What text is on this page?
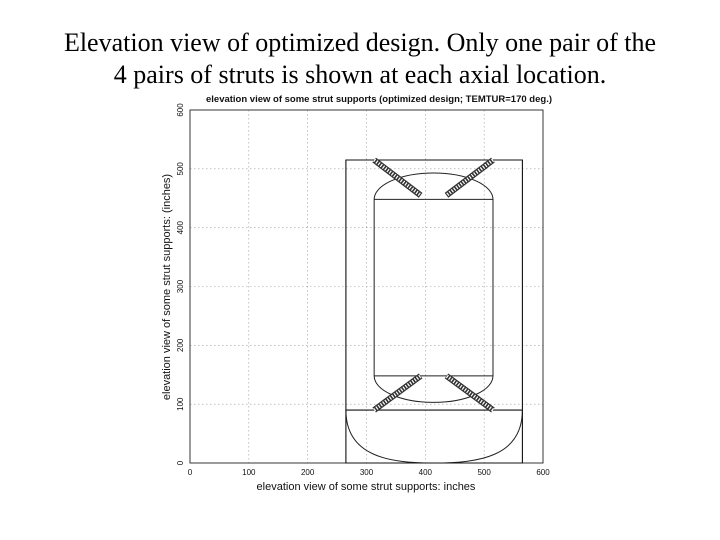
Elevation view of optimized design. Only one pair of the
4 pairs of struts is shown at each axial location.
elevation view of some strut supports (optimized design; TEMTUR=170 deg.)
0	100	200	300	400	500	600
0
100
200
300
400
500
600
elevation view of some strut supports: inches
elevation view of some strut supports: (inches)
